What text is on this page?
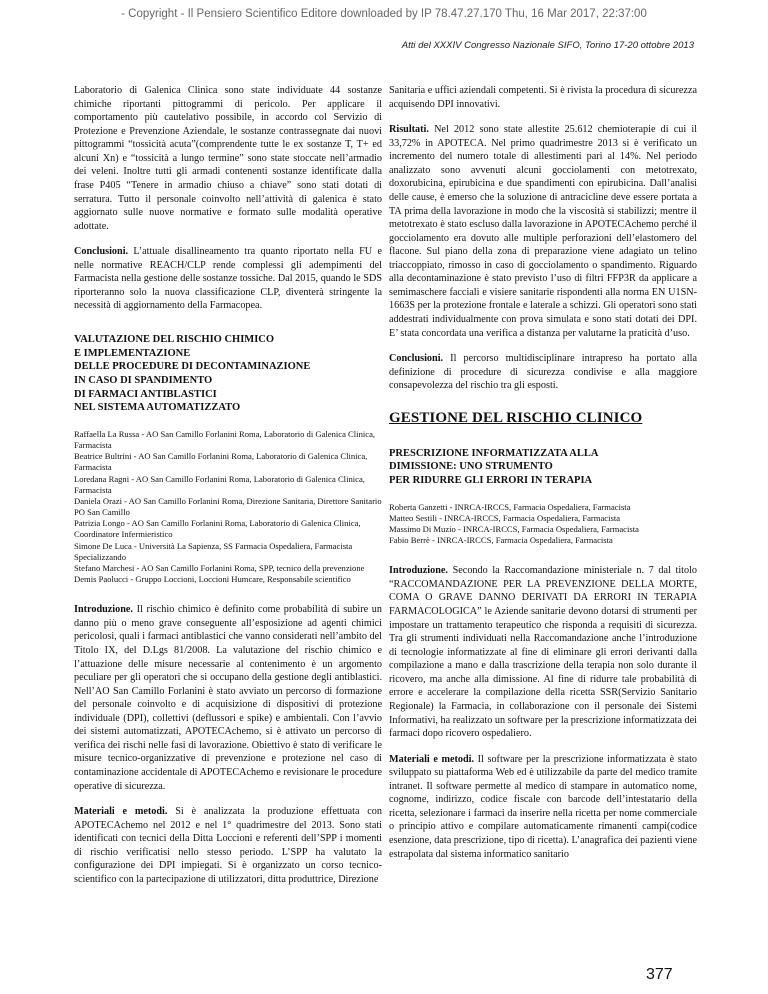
- Copyright - Il Pensiero Scientifico Editore downloaded by IP 78.47.27.170 Thu, 16 Mar 2017, 22:37:00
Atti del XXXIV Congresso Nazionale SIFO, Torino 17-20 ottobre 2013

Laboratorio di Galenica Clinica sono state individuate 44 sostanze chimiche riportanti pittogrammi di pericolo. Per applicare il comportamento più cautelativo possibile, in accordo col Servizio di Protezione e Prevenzione Aziendale, le sostanze contrassegnate dai nuovi pittogrammi “tossicità acuta”(comprendente tutte le ex sostanze T, T+ ed alcuni Xn) e “tossicità a lungo termine” sono state stoccate nell’armadio dei veleni. Inoltre tutti gli armadi contenenti sostanze identificate dalla frase P405 “Tenere in armadio chiuso a chiave” sono stati dotati di serratura. Tutto il personale coinvolto nell’attività di galenica è stato aggiornato sulle nuove normative e formato sulle modalità operative adottate.

Conclusioni. L’attuale disallineamento tra quanto riportato nella FU e nelle normative REACH/CLP rende complessi gli adempimenti del Farmacista nella gestione delle sostanze tossiche. Dal 2015, quando le SDS riporteranno solo la nuova classificazione CLP, diventerà stringente la necessità di aggiornamento della Farmacopea.

VALUTAZIONE DEL RISCHIO CHIMICO
E IMPLEMENTAZIONE
DELLE PROCEDURE DI DECONTAMINAZIONE
IN CASO DI SPANDIMENTO
DI FARMACI ANTIBLASTICI
NEL SISTEMA AUTOMATIZZATO
Raffaella La Russa - AO San Camillo Forlanini Roma, Laboratorio di Galenica Clinica, Farmacista
Beatrice Bultrini - AO San Camillo Forlanini Roma, Laboratorio di Galenica Clinica, Farmacista
Loredana Ragni - AO San Camillo Forlanini Roma, Laboratorio di Galenica Clinica, Farmacista
Daniela Orazi - AO San Camillo Forlanini Roma, Direzione Sanitaria, Direttore Sanitario PO San Camillo
Patrizia Longo - AO San Camillo Forlanini Roma, Laboratorio di Galenica Clinica, Coordinatore Infermieristico
Simone De Luca - Università La Sapienza, SS Farmacia Ospedaliera, Farmacista Specializzando
Stefano Marchesi - AO San Camillo Forlanini Roma, SPP, tecnico della prevenzione
Demis Paolucci - Gruppo Loccioni, Loccioni Humcare, Responsabile scientifico

Introduzione. Il rischio chimico è definito come probabilità di subire un danno più o meno grave conseguente all’esposizione ad agenti chimici pericolosi, quali i farmaci antiblastici che vanno considerati nell’ambito del Titolo IX, del D.Lgs 81/2008. La valutazione del rischio chimico e l’attuazione delle misure necessarie al contenimento è un argomento peculiare per gli operatori che si occupano della gestione degli antiblastici. Nell’AO San Camillo Forlanini è stato avviato un percorso di formazione del personale coinvolto e di acquisizione di dispositivi di protezione individuale (DPI), collettivi (deflussori e spike) e ambientali. Con l’avvio dei sistemi automatizzati, APOTECAchemo, si è attivato un percorso di verifica dei rischi nelle fasi di lavorazione. Obiettivo è stato di verificare le misure tecnico-organizzative di prevenzione e protezione nel caso di contaminazione accidentale di APOTECAchemo e revisionare le procedure operative di sicurezza.

Materiali e metodi. Si è analizzata la produzione effettuata con APOTECAchemo nel 2012 e nel 1° quadrimestre del 2013. Sono stati identificati con tecnici della Ditta Loccioni e referenti dell’SPP i momenti di rischio verificatisi nello stesso periodo. L’SPP ha valutato la configurazione dei DPI impiegati. Si è organizzato un corso tecnico-scientifico con la partecipazione di utilizzatori, ditta produttrice, Direzione

Sanitaria e uffici aziendali competenti. Si è rivista la procedura di sicurezza acquisendo DPI innovativi.

Risultati. Nel 2012 sono state allestite 25.612 chemioterapie di cui il 33,72% in APOTECA. Nel primo quadrimestre 2013 si è verificato un incremento del numero totale di allestimenti pari al 14%. Nel periodo analizzato sono avvenuti alcuni gocciolamenti con metotrexato, doxorubicina, epirubicina e due spandimenti con epirubicina. Dall’analisi delle cause, è emerso che la soluzione di antracicline deve essere portata a TA prima della lavorazione in modo che la viscosità si stabilizzi; mentre il metotrexato è stato escluso dalla lavorazione in APOTECAchemo perché il gocciolamento era dovuto alle multiple perforazioni dell’elastomero del flacone. Sul piano della zona di preparazione viene adagiato un telino triaccoppiato, rimosso in caso di gocciolamento o spandimento. Riguardo alla decontaminazione è stato previsto l’uso di filtri FFP3R da applicare a semimaschere facciali e visiere sanitarie rispondenti alla norma EN U1SN-1663S per la protezione frontale e laterale a schizzi. Gli operatori sono stati addestrati individualmente con prova simulata e sono stati dotati dei DPI. E’ stata concordata una verifica a distanza per valutarne la praticità d’uso.

Conclusioni. Il percorso multidisciplinare intrapreso ha portato alla definizione di procedure di sicurezza condivise e alla maggiore consapevolezza del rischio tra gli esposti.

GESTIONE DEL RISCHIO CLINICO
PRESCRIZIONE INFORMATIZZATA ALLA
DIMISSIONE: UNO STRUMENTO
PER RIDURRE GLI ERRORI IN TERAPIA
Roberta Ganzetti - INRCA-IRCCS, Farmacia Ospedaliera, Farmacista
Matteo Sestili - INRCA-IRCCS, Farmacia Ospedaliera, Farmacista
Massimo Di Muzio - INRCA-IRCCS, Farmacia Ospedaliera, Farmacista
Fabio Berrè - INRCA-IRCCS, Farmacia Ospedaliera, Farmacista

Introduzione. Secondo la Raccomandazione ministeriale n. 7 dal titolo “RACCOMANDAZIONE PER LA PREVENZIONE DELLA MORTE, COMA O GRAVE DANNO DERIVATI DA ERRORI IN TERAPIA FARMACOLOGICA” le Aziende sanitarie devono dotarsi di strumenti per impostare un trattamento terapeutico che risponda a requisiti di sicurezza. Tra gli strumenti individuati nella Raccomandazione anche l’introduzione di tecnologie informatizzate al fine di eliminare gli errori derivanti dalla compilazione a mano e dalla trascrizione della terapia non solo durante il ricovero, ma anche alla dimissione. Al fine di ridurre tale probabilità di errore e accelerare la compilazione della ricetta SSR(Servizio Sanitario Regionale) la Farmacia, in collaborazione con il personale dei Sistemi Informativi, ha realizzato un software per la prescrizione informatizzata dei farmaci dopo ricovero ospedaliero.

Materiali e metodi. Il software per la prescrizione informatizzata è stato sviluppato su piattaforma Web ed è utilizzabile da parte del medico tramite intranet. Il software permette al medico di stampare in automatico nome, cognome, indirizzo, codice fiscale con barcode dell’intestatario della ricetta, selezionare i farmaci da inserire nella ricetta per nome commerciale o principio attivo e compilare automaticamente rimanenti campi(codice esenzione, data prescrizione, tipo di ricetta). L’anagrafica dei pazienti viene estrapolata dal sistema informatico sanitario

377
